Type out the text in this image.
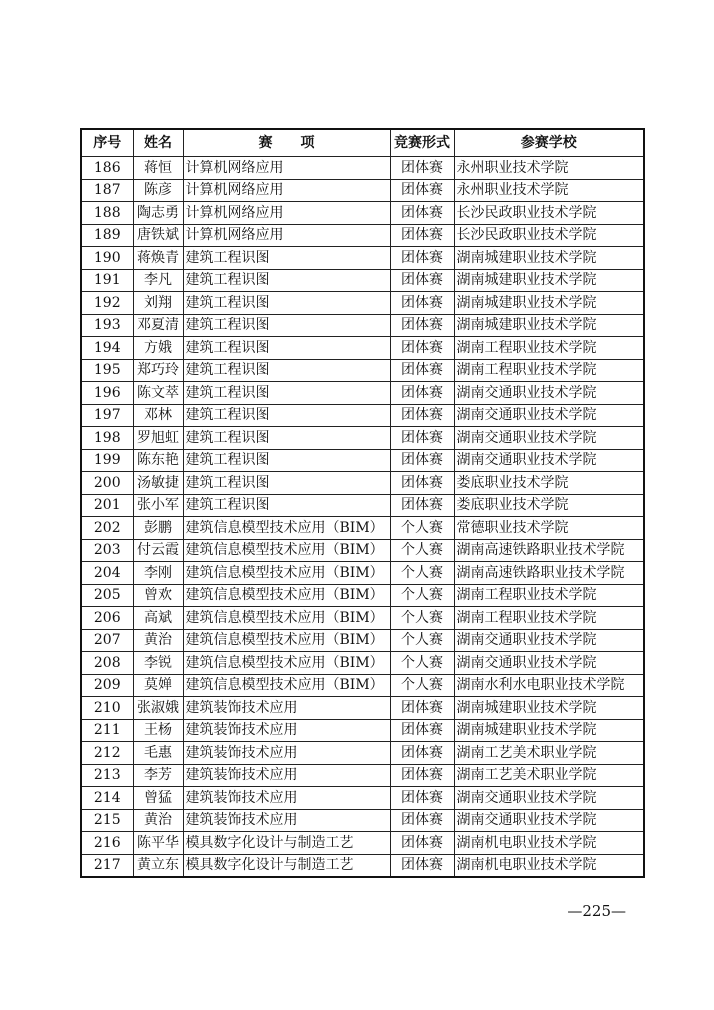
序号	姓名	赛　　项	竞赛形式	参赛学校
186	蒋恒	计算机网络应用	团体赛	永州职业技术学院
187	陈彦	计算机网络应用	团体赛	永州职业技术学院
188	陶志勇	计算机网络应用	团体赛	长沙民政职业技术学院
189	唐铁斌	计算机网络应用	团体赛	长沙民政职业技术学院
190	蒋焕青	建筑工程识图	团体赛	湖南城建职业技术学院
191	李凡	建筑工程识图	团体赛	湖南城建职业技术学院
192	刘翔	建筑工程识图	团体赛	湖南城建职业技术学院
193	邓夏清	建筑工程识图	团体赛	湖南城建职业技术学院
194	方娥	建筑工程识图	团体赛	湖南工程职业技术学院
195	郑巧玲	建筑工程识图	团体赛	湖南工程职业技术学院
196	陈文萃	建筑工程识图	团体赛	湖南交通职业技术学院
197	邓林	建筑工程识图	团体赛	湖南交通职业技术学院
198	罗旭虹	建筑工程识图	团体赛	湖南交通职业技术学院
199	陈东艳	建筑工程识图	团体赛	湖南交通职业技术学院
200	汤敏捷	建筑工程识图	团体赛	娄底职业技术学院
201	张小军	建筑工程识图	团体赛	娄底职业技术学院
202	彭鹏	建筑信息模型技术应用（BIM）	个人赛	常德职业技术学院
203	付云霞	建筑信息模型技术应用（BIM）	个人赛	湖南高速铁路职业技术学院
204	李刚	建筑信息模型技术应用（BIM）	个人赛	湖南高速铁路职业技术学院
205	曾欢	建筑信息模型技术应用（BIM）	个人赛	湖南工程职业技术学院
206	高斌	建筑信息模型技术应用（BIM）	个人赛	湖南工程职业技术学院
207	黄治	建筑信息模型技术应用（BIM）	个人赛	湖南交通职业技术学院
208	李锐	建筑信息模型技术应用（BIM）	个人赛	湖南交通职业技术学院
209	莫婵	建筑信息模型技术应用（BIM）	个人赛	湖南水利水电职业技术学院
210	张淑娥	建筑装饰技术应用	团体赛	湖南城建职业技术学院
211	王杨	建筑装饰技术应用	团体赛	湖南城建职业技术学院
212	毛惠	建筑装饰技术应用	团体赛	湖南工艺美术职业学院
213	李芳	建筑装饰技术应用	团体赛	湖南工艺美术职业学院
214	曾猛	建筑装饰技术应用	团体赛	湖南交通职业技术学院
215	黄治	建筑装饰技术应用	团体赛	湖南交通职业技术学院
216	陈平华	模具数字化设计与制造工艺	团体赛	湖南机电职业技术学院
217	黄立东	模具数字化设计与制造工艺	团体赛	湖南机电职业技术学院
—225—
